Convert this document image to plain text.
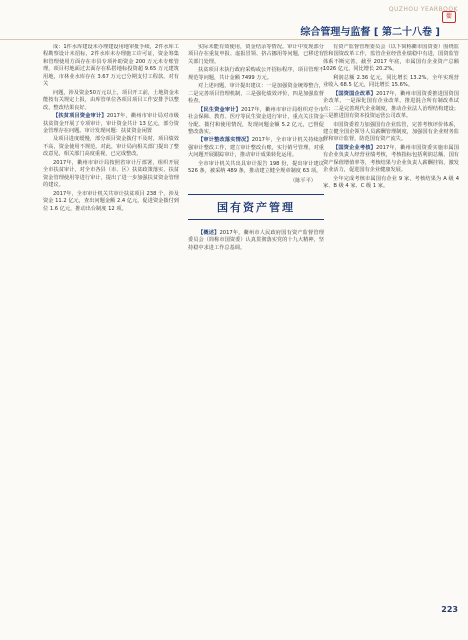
QUZHOU YEARBOOK
衢
综合管理与监督 [ 第二十八卷 ]

成：1件水库建设未办理建设用地审批手续，2件水库工程勘察设计未招标，2件水库未办理施工许可证，资金筹集和管理使用方面存在市县专项补助资金 200 万元未专账管理，项目村地面过去面存在私搭地标投资超 9.65 万元建筑用地，市林业水库存在 3.67 万元已分期支付工程款。对有关

问题，涉及资金50万元以上，项目开工前，土地资金未能按有关规定上报，由库管单位各项目项目工作安排予以整改，整改结果良好。

【扶贫项目资金审计】2017年，衢州市审计局对市级扶贫资金开展了专项审计，审计资金共计 13 亿元，部分资金管理存在问题。审计发现问题：扶贫资金闲置

及项目进度缓慢，部分项目资金拨付不及时，项目绩效不高，资金使用不规范。对此，审计局向相关部门提出了整改意见，相关部门高度重视，已完成整改。

2017年，衢州市审计局按照省审计厅部署，组织开展全市扶贫审计，对全市各县（市、区）扶贫政策落实、扶贫资金管理使用等进行审计，提出了进一步加强扶贫资金管理的建议。

2017年，全市审计机关共审计扶贫项目 238 个，涉及资金 11.2 亿元，查出问题金额 2.4 亿元，促进资金拨付到位 1.6 亿元，推动出台制度 12 项。

实际未能有效使用，资金结余等情况。审计中发现部分项目存在重复申报、虚报冒领、挤占挪用等问题，已移送有关部门处理。

扶贫项目未执行政府采购或公开招标程序，项目管理不规范等问题，共计金额 7499 万元。

对上述问题，审计提出建议：一是加强资金统筹整合，二是完善项目管理机制，三是强化绩效评价，四是加强监督检查。

【民生资金审计】2017年，衢州市审计局组织对全市社会保障、教育、医疗等民生资金进行审计，重点关注资金分配、拨付和使用情况，发现问题金额 5.2 亿元，已督促整改落实。

【审计整改落实情况】2017年，全市审计机关持续加强审计整改工作，建立审计整改台账，实行销号管理，对重大问题开展跟踪审计，推动审计成果转化运用。

全市审计机关共出具审计报告 198 份，提出审计建议 526 条，被采纳 489 条，推动建立健全规章制度 63 项。

（陈平平）
国有资产管理

【概述】2017年，衢州市人民政府国有资产监督管理委员会（简称市国资委）认真贯彻落实党的十九大精神，坚持稳中求进工作总基调。

有资产监督管理委员会（以下简称衢市国资委）围绕监管和国资改革工作，监管企业经营业绩稳中有进，国资监管体系不断完善。截至 2017 年底，市属国有企业资产总额 1026 亿元，同比增长 20.2%。

利润总额 2.36 亿元，同比增长 13.2%。全年实现营业收入 68.5 亿元，同比增长 15.6%。

【国资国企改革】2017年，衢州市国资委推进国资国企改革，一是深化国有企业改革，推进混合所有制改革试点；二是完善现代企业制度，推动企业法人治理结构建设；三是推进国有资本投资运营公司改革。

市国资委着力加强国有企业监管，完善考核评价体系，建立健全国企领导人员薪酬管理制度，加强国有企业财务监督和审计监督，防范国有资产流失。

【国资企业考核】2017年，衢州市国资委实施市属国有企业负责人经营业绩考核，考核指标包括利润总额、国有资产保值增值率等，考核结果与企业负责人薪酬挂钩，激发企业活力，促进国有企业健康发展。

全年完成考核市属国有企业 9 家，考核结果为 A 级 4 家、B 级 4 家、C 级 1 家。

223
